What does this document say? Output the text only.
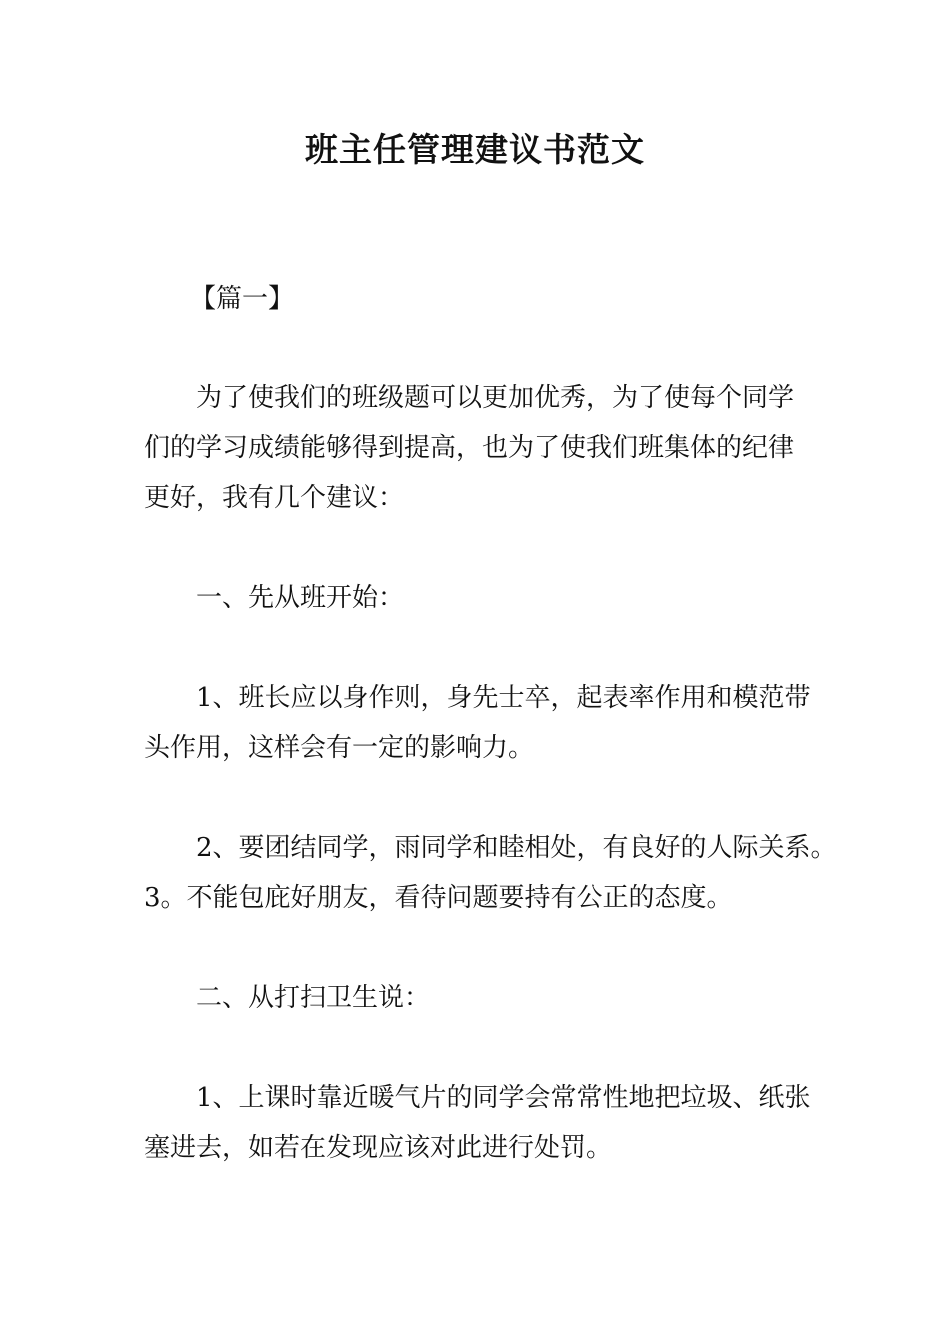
班主任管理建议书范文
【篇一】
为了使我们的班级题可以更加优秀，为了使每个同学
们的学习成绩能够得到提高，也为了使我们班集体的纪律
更好，我有几个建议：
一、先从班开始：
1、班长应以身作则，身先士卒，起表率作用和模范带
头作用，这样会有一定的影响力。
2、要团结同学，雨同学和睦相处，有良好的人际关系。
3。不能包庇好朋友，看待问题要持有公正的态度。
二、从打扫卫生说：
1、上课时靠近暖气片的同学会常常性地把垃圾、纸张
塞进去，如若在发现应该对此进行处罚。
